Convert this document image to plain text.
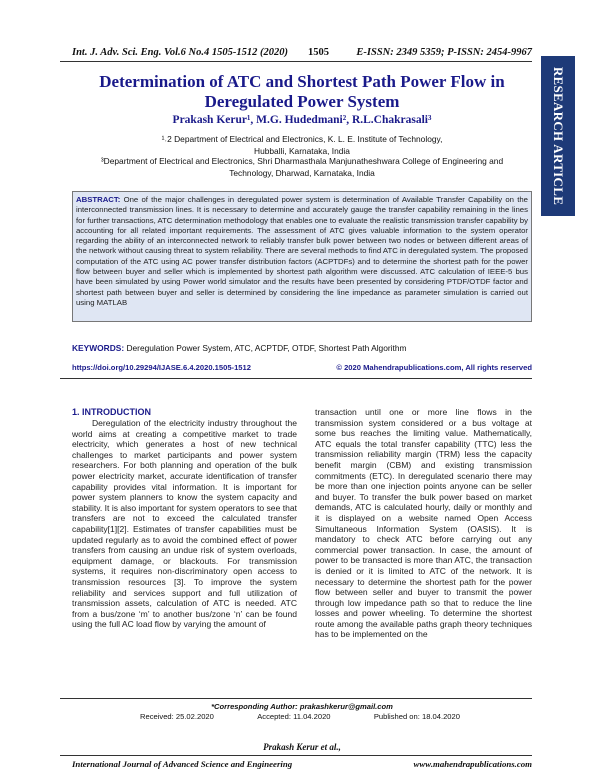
Int. J. Adv. Sci. Eng. Vol.6 No.4 1505-1512 (2020)	1505	E-ISSN: 2349 5359; P-ISSN: 2454-9967
RESEARCH ARTICLE
Determination of ATC and Shortest Path Power Flow in
Deregulated Power System
Prakash Kerur¹, M.G. Hudedmani², R.L.Chakrasali³
¹˒2 Department of Electrical and Electronics, K. L. E. Institute of Technology,
Hubballi, Karnataka, India
³Department of Electrical and Electronics, Shri Dharmasthala Manjunatheshwara College of Engineering and
Technology, Dharwad, Karnataka, India
ABSTRACT: One of the major challenges in deregulated power system is determination of Available Transfer Capability on the interconnected transmission lines. It is necessary to determine and accurately gauge the transfer capability remaining in the lines for further transactions, ATC determination methodology that enables one to evaluate the realistic transmission transfer capability by accounting for all related important requirements. The assessment of ATC gives valuable information to the system operator regarding the ability of an interconnected network to reliably transfer bulk power between two nodes or between different areas of the network without causing threat to system reliability. There are several methods to find ATC in deregulated system. The proposed computation of the ATC using AC power transfer distribution factors (ACPTDFs) and to determine the shortest path for the power flow between buyer and seller which is implemented by shortest path algorithm were discussed. ATC calculation of IEEE-5 bus have been simulated by using Power world simulator and the results have been presented by considering PTDF/OTDF factor and shortest path between buyer and seller is determined by considering the line impedance as parameter simulation is carried out using MATLAB
KEYWORDS: Deregulation Power System, ATC, ACPTDF, OTDF, Shortest Path Algorithm
https://doi.org/10.29294/IJASE.6.4.2020.1505-1512	© 2020 Mahendrapublications.com, All rights reserved
1. INTRODUCTION
Deregulation of the electricity industry throughout the world aims at creating a competitive market to trade electricity, which generates a host of new technical challenges to market participants and power system researchers. For both planning and operation of the bulk power electricity market, accurate identification of transfer capability provides vital information. It is important for power system planners to know the system capacity and stability. It is also important for system operators to see that transfers are not to exceed the calculated transfer capability[1][2]. Estimates of transfer capabilities must be updated regularly as to avoid the combined effect of power transfers from causing an undue risk of system overloads, equipment damage, or blackouts. For transmission systems, it requires non-discriminatory open access to transmission resources [3]. To improve the system reliability and services support and full utilization of transmission assets, calculation of ATC is needed. ATC from a bus/zone ‘m’ to another bus/zone ‘n’ can be found using the full AC load flow by varying the amount of
transaction until one or more line flows in the transmission system considered or a bus voltage at some bus reaches the limiting value. Mathematically, ATC equals the total transfer capability (TTC) less the transmission reliability margin (TRM) less the capacity benefit margin (CBM) and existing transmission commitments (ETC). In deregulated scenario there may be more than one injection points anyone can be seller and buyer. To transfer the bulk power based on market demands, ATC is calculated hourly, daily or monthly and it is displayed on a website named Open Access Simultaneous Information System (OASIS). It is mandatory to check ATC before carrying out any commercial power transaction. In case, the amount of power to be transacted is more than ATC, the transaction is denied or it is limited to ATC of the network. It is necessary to determine the shortest path for the power flow between seller and buyer to transmit the power through low impedance path so that to reduce the line losses and power wheeling. To determine the shortest route among the available paths graph theory techniques has to be implemented on the
*Corresponding Author: prakashkerur@gmail.com
Received: 25.02.2020	Accepted: 11.04.2020	Published on: 18.04.2020
Prakash Kerur et al.,
International Journal of Advanced Science and Engineering	www.mahendrapublications.com
